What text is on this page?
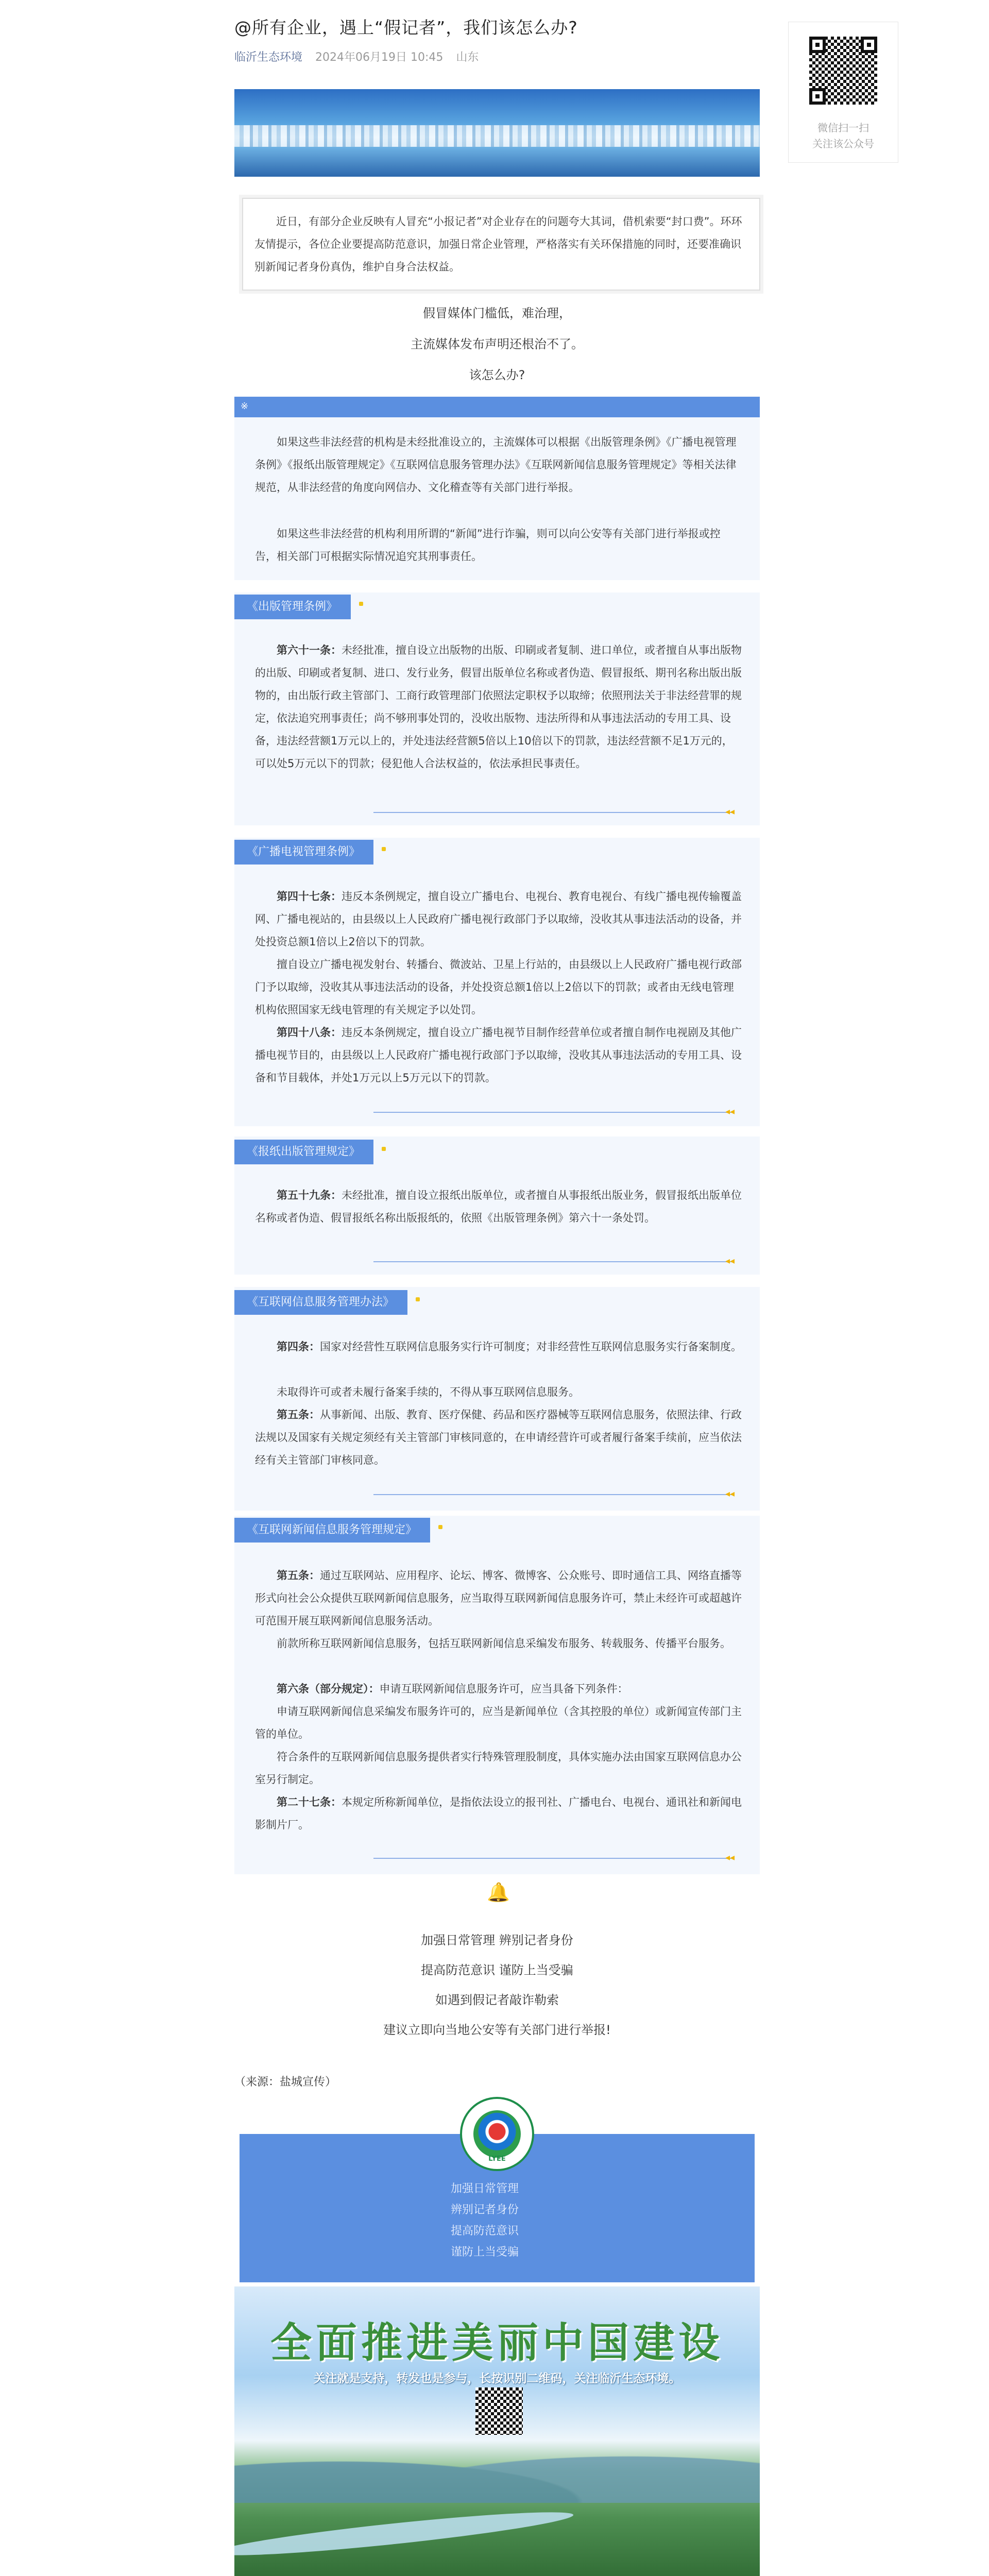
@所有企业，遇上“假记者”，我们该怎么办?
临沂生态环境 2024年06月19日 10:45 山东
近日，有部分企业反映有人冒充“小报记者”对企业存在的问题夸大其词，借机索要“封口费”。环环友情提示，各位企业要提高防范意识，加强日常企业管理，严格落实有关环保措施的同时，还要准确识别新闻记者身份真伪，维护自身合法权益。
假冒媒体门槛低，难治理，
主流媒体发布声明还根治不了。
该怎么办?
※
如果这些非法经营的机构是未经批准设立的，主流媒体可以根据《出版管理条例》《广播电视管理条例》《报纸出版管理规定》《互联网信息服务管理办法》《互联网新闻信息服务管理规定》等相关法律规范，从非法经营的角度向网信办、文化稽查等有关部门进行举报。
如果这些非法经营的机构利用所谓的“新闻”进行诈骗，则可以向公安等有关部门进行举报或控告，相关部门可根据实际情况追究其刑事责任。
《出版管理条例》
第六十一条：未经批准，擅自设立出版物的出版、印刷或者复制、进口单位，或者擅自从事出版物的出版、印刷或者复制、进口、发行业务，假冒出版单位名称或者伪造、假冒报纸、期刊名称出版出版物的，由出版行政主管部门、工商行政管理部门依照法定职权予以取缔；依照刑法关于非法经营罪的规定，依法追究刑事责任；尚不够刑事处罚的，没收出版物、违法所得和从事违法活动的专用工具、设备，违法经营额1万元以上的，并处违法经营额5倍以上10倍以下的罚款，违法经营额不足1万元的，可以处5万元以下的罚款；侵犯他人合法权益的，依法承担民事责任。
◂◂
《广播电视管理条例》
第四十七条：违反本条例规定，擅自设立广播电台、电视台、教育电视台、有线广播电视传输覆盖网、广播电视站的，由县级以上人民政府广播电视行政部门予以取缔，没收其从事违法活动的设备，并处投资总额1倍以上2倍以下的罚款。
擅自设立广播电视发射台、转播台、微波站、卫星上行站的，由县级以上人民政府广播电视行政部门予以取缔，没收其从事违法活动的设备，并处投资总额1倍以上2倍以下的罚款；或者由无线电管理机构依照国家无线电管理的有关规定予以处罚。
第四十八条：违反本条例规定，擅自设立广播电视节目制作经营单位或者擅自制作电视剧及其他广播电视节目的，由县级以上人民政府广播电视行政部门予以取缔，没收其从事违法活动的专用工具、设备和节目载体，并处1万元以上5万元以下的罚款。
◂◂
《报纸出版管理规定》
第五十九条：未经批准，擅自设立报纸出版单位，或者擅自从事报纸出版业务，假冒报纸出版单位名称或者伪造、假冒报纸名称出版报纸的，依照《出版管理条例》第六十一条处罚。
◂◂
《互联网信息服务管理办法》
第四条：国家对经营性互联网信息服务实行许可制度；对非经营性互联网信息服务实行备案制度。
未取得许可或者未履行备案手续的，不得从事互联网信息服务。
第五条：从事新闻、出版、教育、医疗保健、药品和医疗器械等互联网信息服务，依照法律、行政法规以及国家有关规定须经有关主管部门审核同意的，在申请经营许可或者履行备案手续前，应当依法经有关主管部门审核同意。
◂◂
《互联网新闻信息服务管理规定》
第五条：通过互联网站、应用程序、论坛、博客、微博客、公众账号、即时通信工具、网络直播等形式向社会公众提供互联网新闻信息服务，应当取得互联网新闻信息服务许可，禁止未经许可或超越许可范围开展互联网新闻信息服务活动。
前款所称互联网新闻信息服务，包括互联网新闻信息采编发布服务、转载服务、传播平台服务。
第六条（部分规定）：申请互联网新闻信息服务许可，应当具备下列条件：
申请互联网新闻信息采编发布服务许可的，应当是新闻单位（含其控股的单位）或新闻宣传部门主管的单位。
符合条件的互联网新闻信息服务提供者实行特殊管理股制度，具体实施办法由国家互联网信息办公室另行制定。
第二十七条：本规定所称新闻单位，是指依法设立的报刊社、广播电台、电视台、通讯社和新闻电影制片厂。
◂◂
🔔
加强日常管理 辨别记者身份
提高防范意识 谨防上当受骗
如遇到假记者敲诈勒索
建议立即向当地公安等有关部门进行举报!
（来源：盐城宣传）
LYEE
加强日常管理
辨别记者身份
提高防范意识
谨防上当受骗
全面推进美丽中国建设
关注就是支持，转发也是参与，长按识别二维码，关注临沂生态环境。
微信扫一扫
关注该公众号
